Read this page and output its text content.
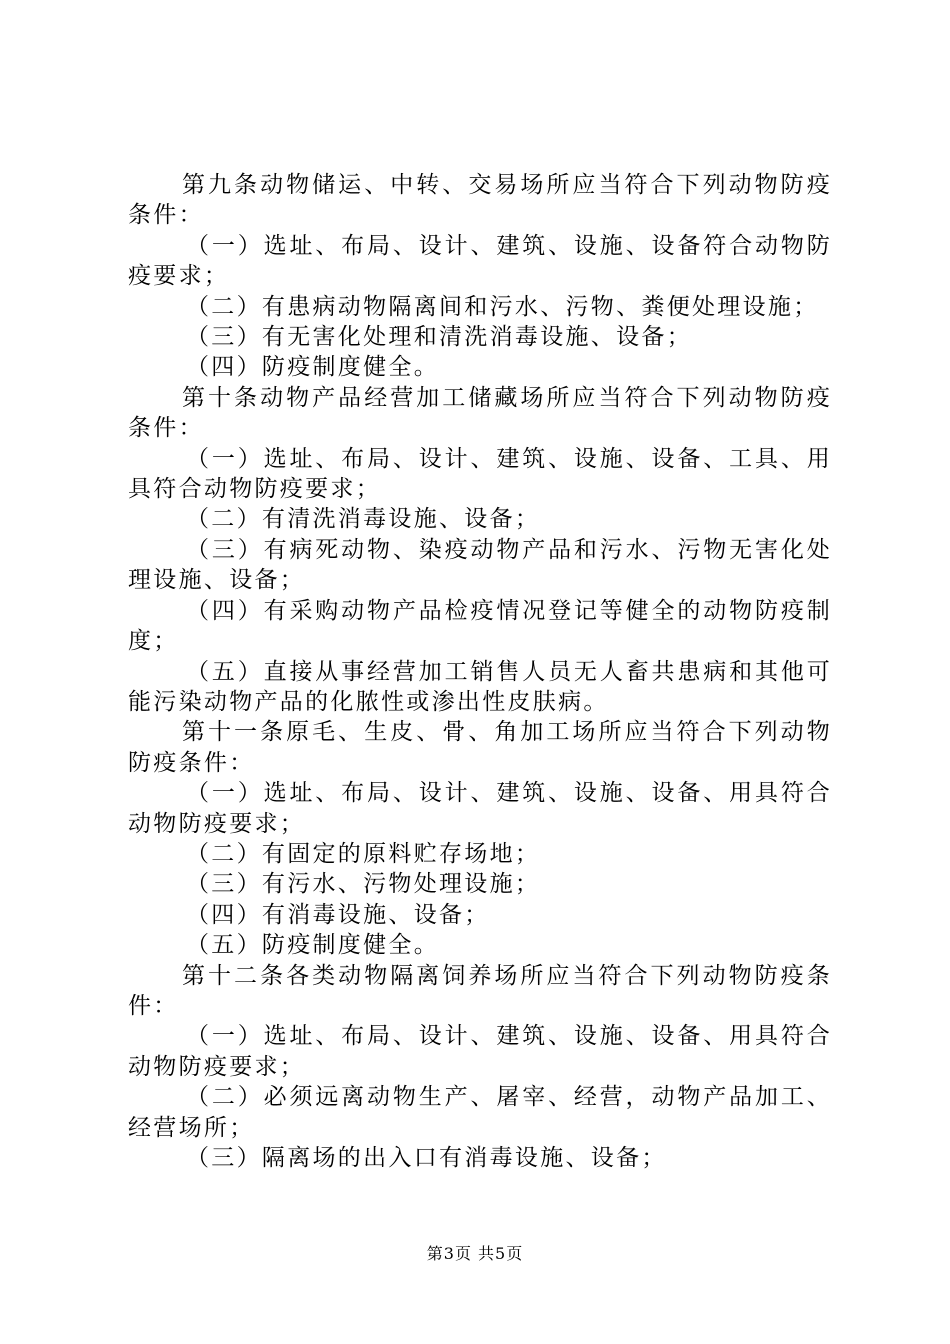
第九条动物储运、中转、交易场所应当符合下列动物防疫条件：

（一）选址、布局、设计、建筑、设施、设备符合动物防疫要求；

（二）有患病动物隔离间和污水、污物、粪便处理设施；

（三）有无害化处理和清洗消毒设施、设备；

（四）防疫制度健全。

第十条动物产品经营加工储藏场所应当符合下列动物防疫条件：

（一）选址、布局、设计、建筑、设施、设备、工具、用具符合动物防疫要求；

（二）有清洗消毒设施、设备；

（三）有病死动物、染疫动物产品和污水、污物无害化处理设施、设备；

（四）有采购动物产品检疫情况登记等健全的动物防疫制度；

（五）直接从事经营加工销售人员无人畜共患病和其他可能污染动物产品的化脓性或渗出性皮肤病。

第十一条原毛、生皮、骨、角加工场所应当符合下列动物防疫条件：

（一）选址、布局、设计、建筑、设施、设备、用具符合动物防疫要求；

（二）有固定的原料贮存场地；

（三）有污水、污物处理设施；

（四）有消毒设施、设备；

（五）防疫制度健全。

第十二条各类动物隔离饲养场所应当符合下列动物防疫条件：

（一）选址、布局、设计、建筑、设施、设备、用具符合动物防疫要求；

（二）必须远离动物生产、屠宰、经营，动物产品加工、经营场所；

（三）隔离场的出入口有消毒设施、设备；

第3页 共5页
